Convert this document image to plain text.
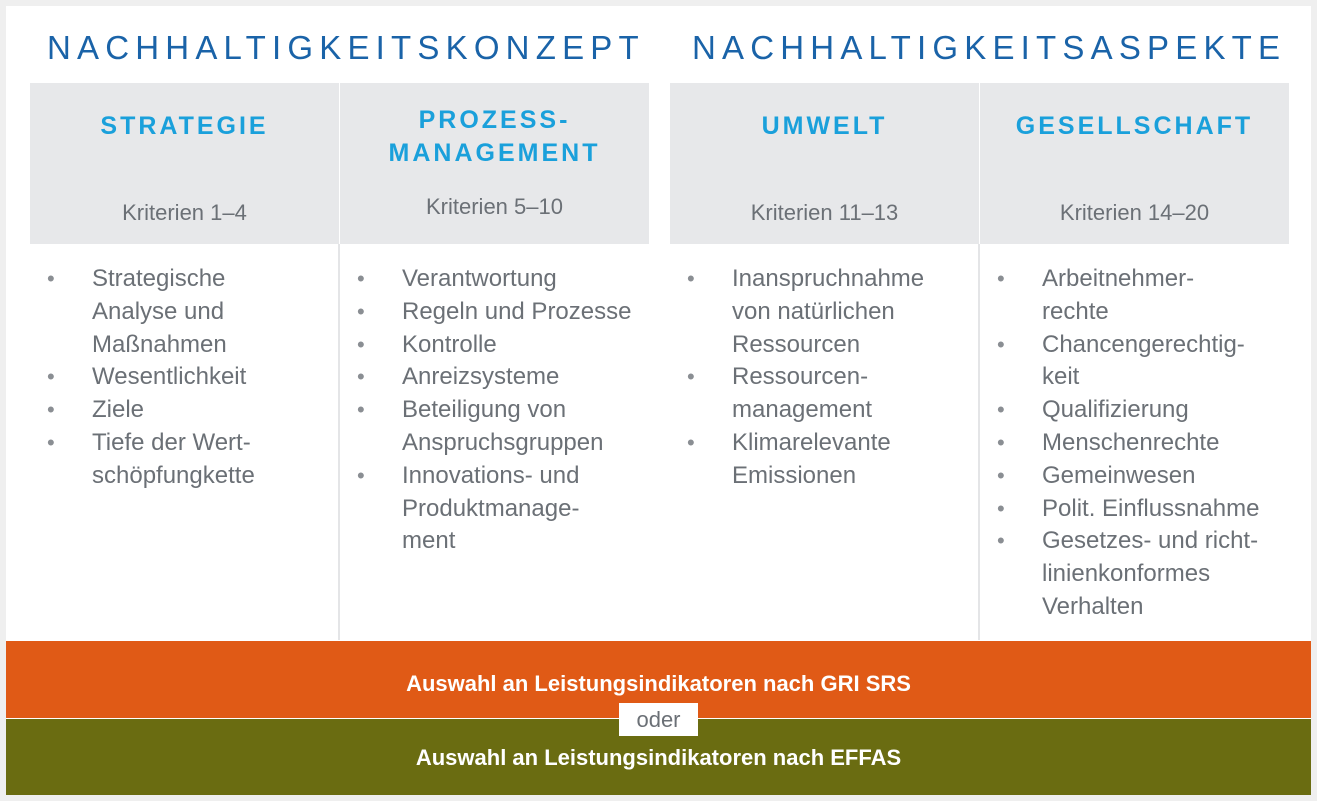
NACHHALTIGKEITSKONZEPT NACHHALTIGKEITSASPEKTE
STRATEGIE
Kriterien 1–4
• Strategische
Analyse und
Maßnahmen
• Wesentlichkeit
• Ziele
• Tiefe der Wert-
schöpfungkette
PROZESS-
MANAGEMENT
Kriterien 5–10
• Verantwortung
• Regeln und Prozesse
• Kontrolle
• Anreizsysteme
• Beteiligung von
Anspruchsgruppen
• Innovations- und
Produktmanage-
ment
UMWELT
Kriterien 11–13
• Inanspruchnahme
von natürlichen
Ressourcen
• Ressourcen-
management
• Klimarelevante
Emissionen
GESELLSCHAFT
Kriterien 14–20
• Arbeitnehmer-
rechte
• Chancengerechtig-
keit
• Qualifizierung
• Menschenrechte
• Gemeinwesen
• Polit. Einflussnahme
• Gesetzes- und richt-
linienkonformes
Verhalten
Auswahl an Leistungsindikatoren nach GRI SRS
Auswahl an Leistungsindikatoren nach EFFAS
oder
